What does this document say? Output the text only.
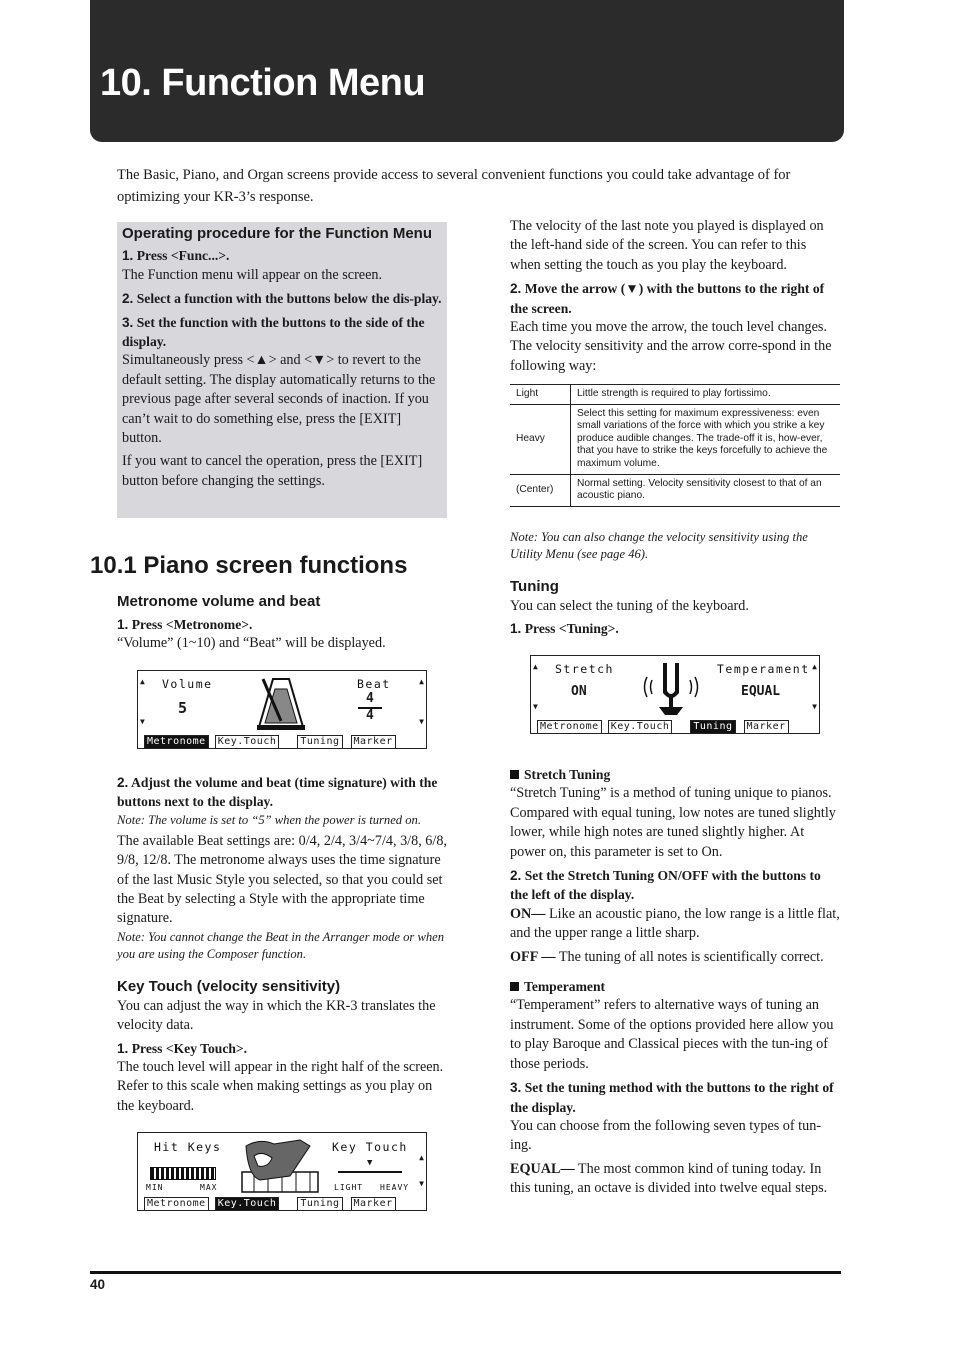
10. Function Menu

The Basic, Piano, and Organ screens provide access to several convenient functions you could take advantage of for optimizing your KR-3’s response.

Operating procedure for the Function Menu

1. Press <Func...>.

The Function menu will appear on the screen.

2. Select a function with the buttons below the dis-play.

3. Set the function with the buttons to the side of the display.

Simultaneously press <▲> and <▼> to revert to the default setting. The display automatically returns to the previous page after several seconds of inaction. If you can’t wait to do something else, press the [EXIT] button.

If you want to cancel the operation, press the [EXIT] button before changing the settings.

10.1 Piano screen functions

Metronome volume and beat

1. Press <Metronome>.

“Volume” (1~10) and “Beat” will be displayed.

Volume
5
▲
▼
Beat
4
4
▲
▼
Metronome	Key.Touch	Tuning	Marker

2. Adjust the volume and beat (time signature) with the buttons next to the display.

Note: The volume is set to “5” when the power is turned on.

The available Beat settings are: 0/4, 2/4, 3/4~7/4, 3/8, 6/8, 9/8, 12/8. The metronome always uses the time signature of the last Music Style you selected, so that you could set the Beat by selecting a Style with the appropriate time signature.

Note: You cannot change the Beat in the Arranger mode or when you are using the Composer function.

Key Touch (velocity sensitivity)

You can adjust the way in which the KR-3 translates the velocity data.

1. Press <Key Touch>.

The touch level will appear in the right half of the screen. Refer to this scale when making settings as you play on the keyboard.

Hit Keys
MIN	MAX
Key Touch
▼
LIGHT HEAVY
▲
▼
Metronome	Key.Touch	Tuning	Marker

The velocity of the last note you played is displayed on the left-hand side of the screen. You can refer to this when setting the touch as you play the keyboard.

2. Move the arrow (▼) with the buttons to the right of the screen.

Each time you move the arrow, the touch level changes. The velocity sensitivity and the arrow corre-spond in the following way:

Light	Little strength is required to play fortissimo.
Heavy	Select this setting for maximum expressiveness: even small variations of the force with which you strike a key produce audible changes. The trade-off it is, how-ever, that you have to strike the keys forcefully to achieve the maximum volume.
(Center)	Normal setting. Velocity sensitivity closest to that of an acoustic piano.

Note: You can also change the velocity sensitivity using the Utility Menu (see page 46).

Tuning

You can select the tuning of the keyboard.

1. Press <Tuning>.

Stretch
ON
▲
▼
Temperament
EQUAL
▲
▼
Metronome	Key.Touch	Tuning	Marker

Stretch Tuning

“Stretch Tuning” is a method of tuning unique to pianos. Compared with equal tuning, low notes are tuned slightly lower, while high notes are tuned slightly higher. At power on, this parameter is set to On.

2. Set the Stretch Tuning ON/OFF with the buttons to the left of the display.

ON— Like an acoustic piano, the low range is a little flat, and the upper range a little sharp.

OFF — The tuning of all notes is scientifically correct.

Temperament

“Temperament” refers to alternative ways of tuning an instrument. Some of the options provided here allow you to play Baroque and Classical pieces with the tun-ing of those periods.

3. Set the tuning method with the buttons to the right of the display.

You can choose from the following seven types of tun-ing.

EQUAL— The most common kind of tuning today. In this tuning, an octave is divided into twelve equal steps.

40
